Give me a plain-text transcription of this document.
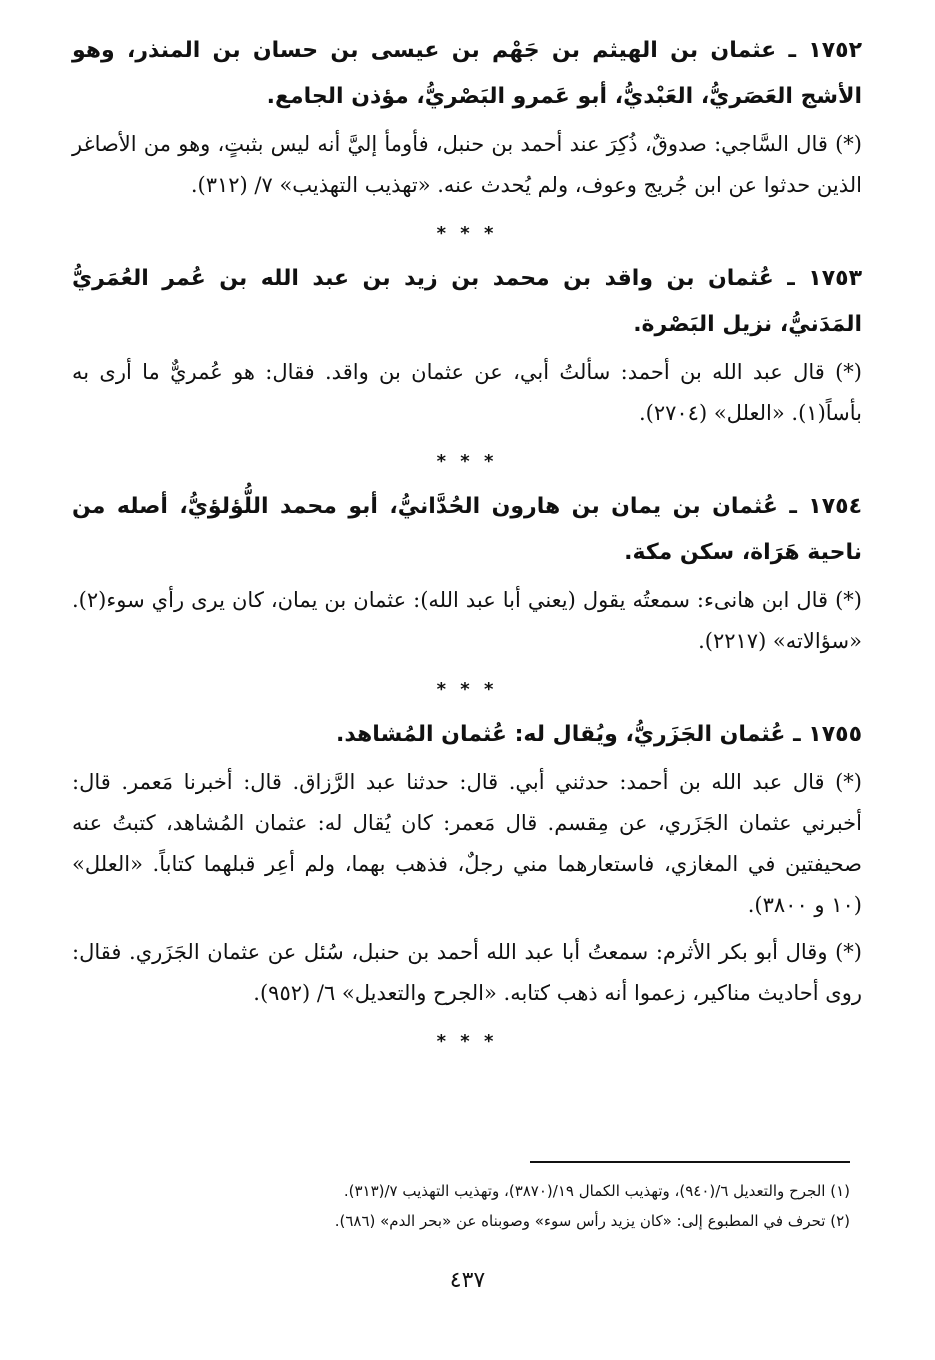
١٧٥٢ ـ عثمان بن الهيثم بن جَهْم بن عيسى بن حسان بن المنذر، وهو الأشج العَصَريُّ، العَبْديُّ، أبو عَمرو البَصْريُّ، مؤذن الجامع.

(*) قال السَّاجي: صدوقٌ، ذُكِرَ عند أحمد بن حنبل، فأومأ إليَّ أنه ليس بثبتٍ، وهو من الأصاغر الذين حدثوا عن ابن جُريج وعوف، ولم يُحدث عنه. «تهذيب التهذيب» ٧/ (٣١٢).

* * *

١٧٥٣ ـ عُثمان بن واقد بن محمد بن زيد بن عبد الله بن عُمر العُمَريُّ المَدَنيُّ، نزيل البَصْرة.

(*) قال عبد الله بن أحمد: سألتُ أبي، عن عثمان بن واقد. فقال: هو عُمريٌّ ما أرى به بأساً(١). «العلل» (٢٧٠٤).

* * *

١٧٥٤ ـ عُثمان بن يمان بن هارون الحُدَّانيُّ، أبو محمد اللُّؤلؤيُّ، أصله من ناحية هَرَاة، سكن مكة.

(*) قال ابن هانىء: سمعتُه يقول (يعني أبا عبد الله): عثمان بن يمان، كان يرى رأي سوء(٢). «سؤالاته» (٢٢١٧).

* * *

١٧٥٥ ـ عُثمان الجَزَريُّ، ويُقال له: عُثمان المُشاهد.

(*) قال عبد الله بن أحمد: حدثني أبي. قال: حدثنا عبد الرَّزاق. قال: أخبرنا مَعمر. قال: أخبرني عثمان الجَزَري، عن مِقسم. قال مَعمر: كان يُقال له: عثمان المُشاهد، كتبتُ عنه صحيفتين في المغازي، فاستعارهما مني رجلٌ، فذهب بهما، ولم أعِر قبلهما كتاباً. «العلل» (١٠ و ٣٨٠٠).

(*) وقال أبو بكر الأثرم: سمعتُ أبا عبد الله أحمد بن حنبل، سُئل عن عثمان الجَزَري. فقال: روى أحاديث مناكير، زعموا أنه ذهب كتابه. «الجرح والتعديل» ٦/ (٩٥٢).

* * *

(١) الجرح والتعديل ٦/(٩٤٠)، وتهذيب الكمال ١٩/(٣٨٧٠)، وتهذيب التهذيب ٧/(٣١٣).

(٢) تحرف في المطبوع إلى: «كان يزيد رأس سوء» وصوبناه عن «بحر الدم» (٦٨٦).

٤٣٧
